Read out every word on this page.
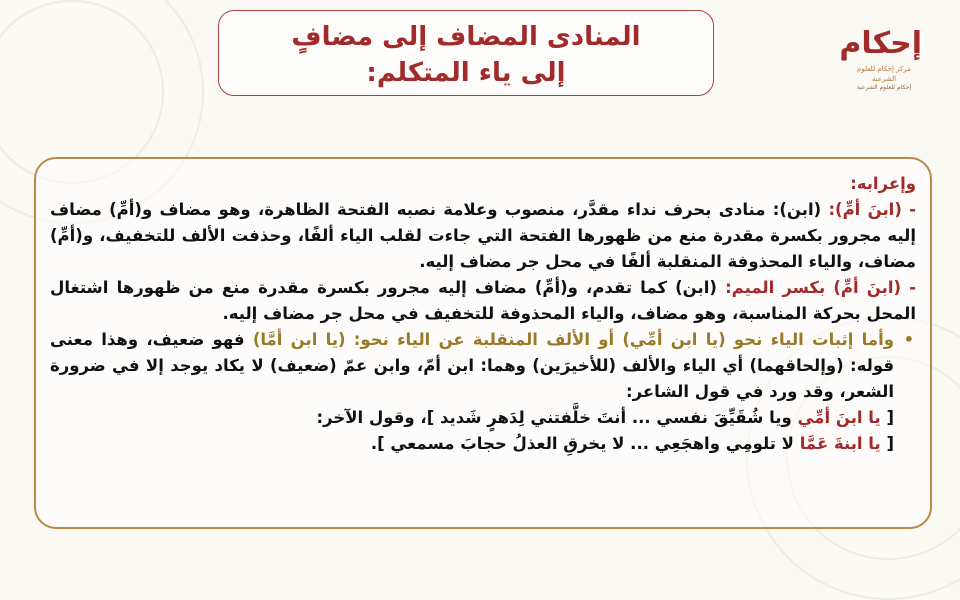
المنادى المضاف إلى مضافٍ
إلى ياء المتكلم:
إحكام
مركز إحكام للعلوم الشرعية
إحكام للعلوم الشرعية

وإعرابه:

- (ابنَ أمِّ): (ابن): منادى بحرف نداء مقدَّر، منصوب وعلامة نصبه الفتحة الظاهرة، وهو مضاف و(أمِّ) مضاف إليه مجرور بكسرة مقدرة منع من ظهورها الفتحة التي جاءت لقلب الياء ألفًا، وحذفت الألف للتخفيف، و(أمِّ) مضاف، والياء المحذوفة المنقلبة ألفًا في محل جر مضاف إليه.

- (ابنَ أمِّ) بكسر الميم: (ابن) كما تقدم، و(أمِّ) مضاف إليه مجرور بكسرة مقدرة منع من ظهورها اشتغال المحل بحركة المناسبة، وهو مضاف، والياء المحذوفة للتخفيف في محل جر مضاف إليه.

•
وأما إثبات الياء نحو (يا ابن أمِّي) أو الألف المنقلبة عن الياء نحو: (يا ابن أمَّا) فهو ضعيف، وهذا معنى قوله: (وإلحاقهما) أي الياء والألف (للأخيرَين) وهما: ابن أمّ، وابن عمّ (ضعيف) لا يكاد يوجد إلا في ضرورة الشعر، وقد ورد في قول الشاعر:

[ يا ابنَ أمِّي ويا شُقَيِّقَ نفسي ... أنتَ خلَّفتني لِدَهرٍ شَديد ]، وقول الآخر:

[ يا ابنةَ عَمَّا لا تلومِي واهجَعِي ... لا يخرقِ العذلُ حجابَ مسمعي ].
